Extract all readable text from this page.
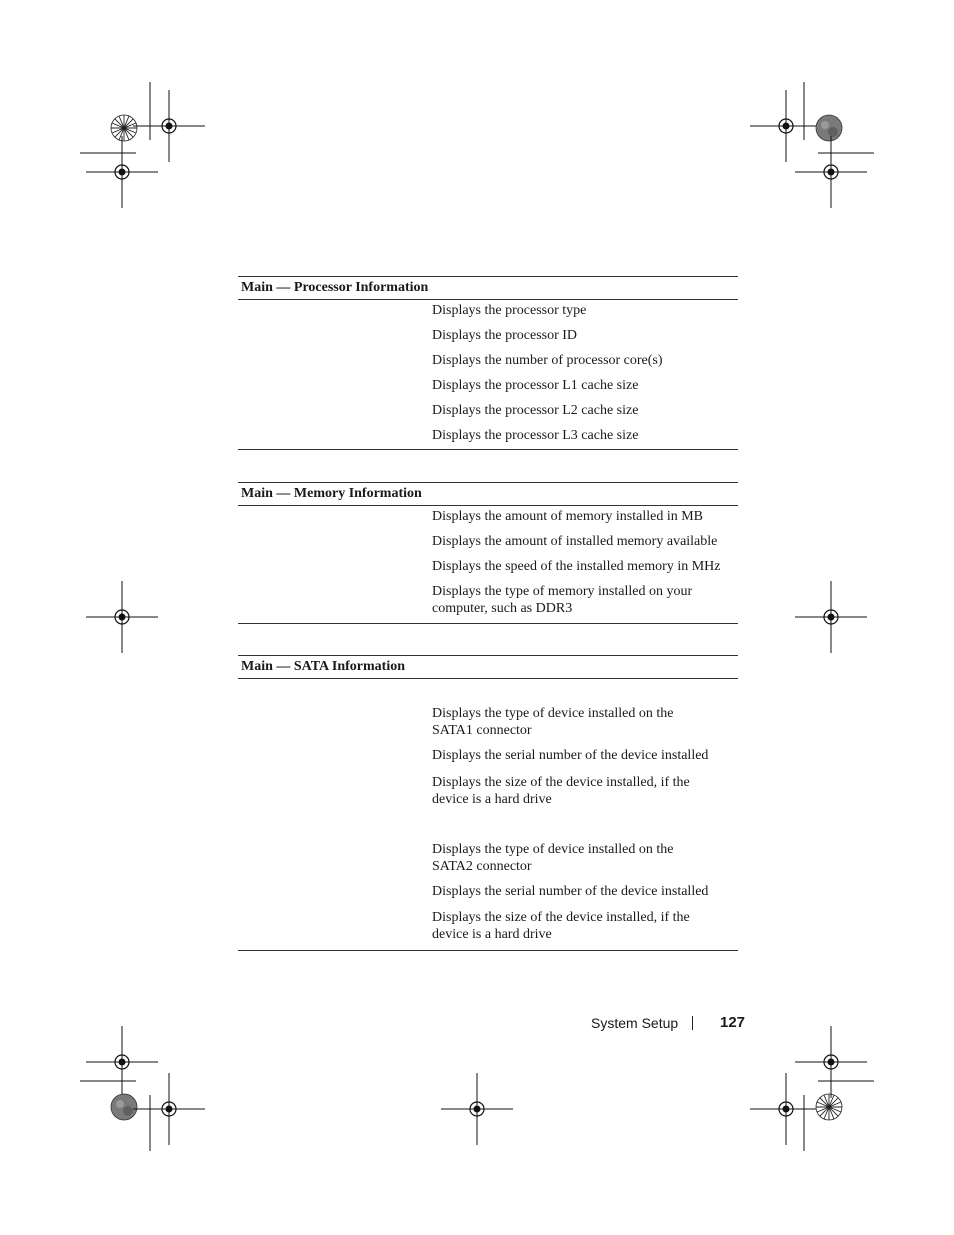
Main — Processor Information
Displays the processor type
Displays the processor ID
Displays the number of processor core(s)
Displays the processor L1 cache size
Displays the processor L2 cache size
Displays the processor L3 cache size
Main — Memory Information
Displays the amount of memory installed in MB
Displays the amount of installed memory available
Displays the speed of the installed memory in MHz
Displays the type of memory installed on your
computer, such as DDR3
Main — SATA Information
Displays the type of device installed on the
SATA1 connector
Displays the serial number of the device installed
Displays the size of the device installed, if the
device is a hard drive
Displays the type of device installed on the
SATA2 connector
Displays the serial number of the device installed
Displays the size of the device installed, if the
device is a hard drive
System Setup	127
